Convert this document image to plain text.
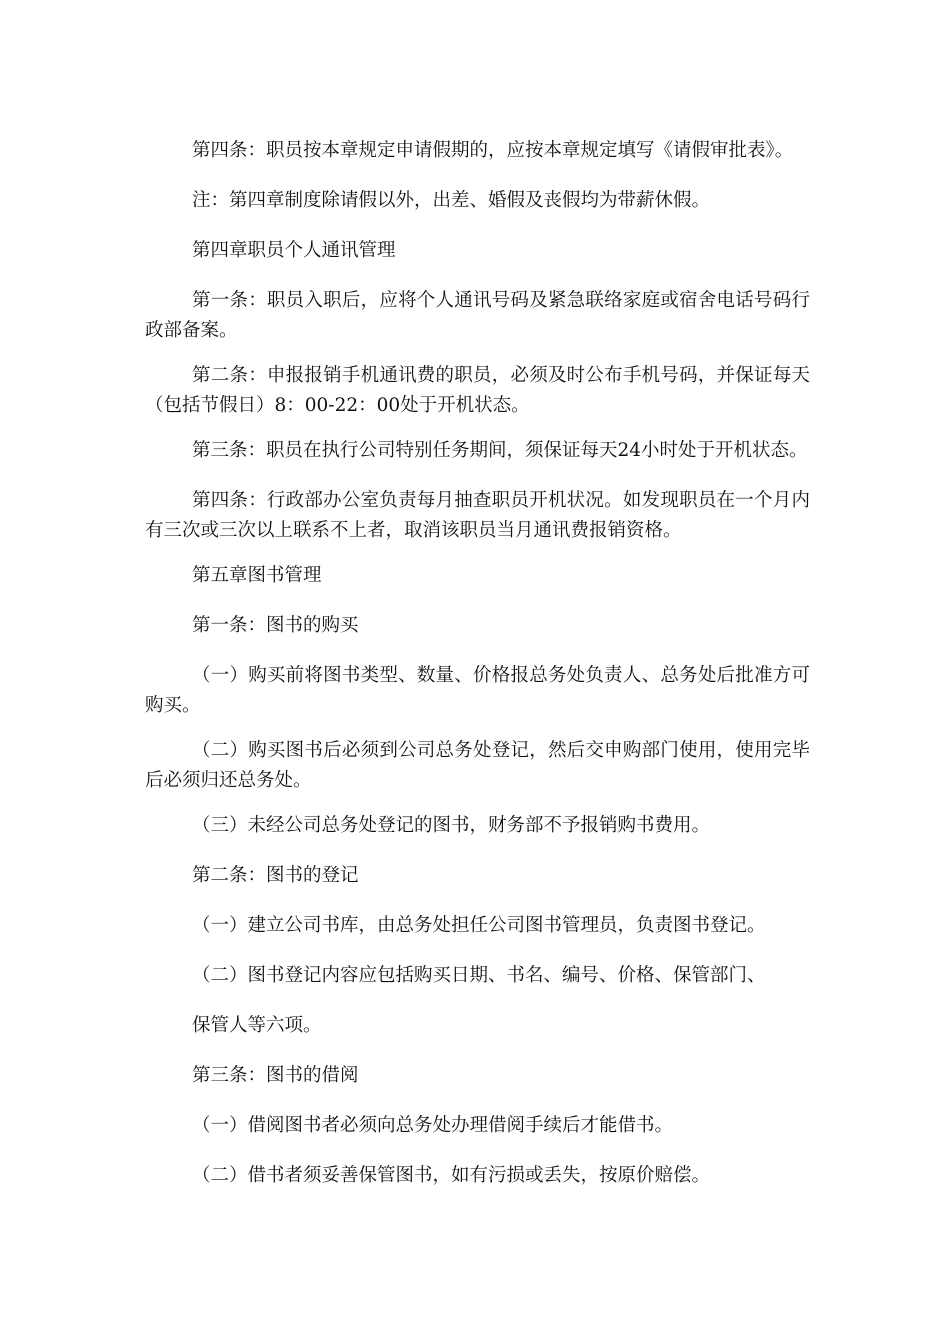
第四条：职员按本章规定申请假期的，应按本章规定填写《请假审批表》。

注：第四章制度除请假以外，出差、婚假及丧假均为带薪休假。

第四章职员个人通讯管理

第一条：职员入职后，应将个人通讯号码及紧急联络家庭或宿舍电话号码行政部备案。

第二条：申报报销手机通讯费的职员，必须及时公布手机号码，并保证每天（包括节假日）8：00-22：00处于开机状态。

第三条：职员在执行公司特别任务期间，须保证每天24小时处于开机状态。

第四条：行政部办公室负责每月抽查职员开机状况。如发现职员在一个月内有三次或三次以上联系不上者，取消该职员当月通讯费报销资格。

第五章图书管理

第一条：图书的购买

（一）购买前将图书类型、数量、价格报总务处负责人、总务处后批准方可购买。

（二）购买图书后必须到公司总务处登记，然后交申购部门使用，使用完毕后必须归还总务处。

（三）未经公司总务处登记的图书，财务部不予报销购书费用。

第二条：图书的登记

（一）建立公司书库，由总务处担任公司图书管理员，负责图书登记。

（二）图书登记内容应包括购买日期、书名、编号、价格、保管部门、

保管人等六项。

第三条：图书的借阅

（一）借阅图书者必须向总务处办理借阅手续后才能借书。

（二）借书者须妥善保管图书，如有污损或丢失，按原价赔偿。
